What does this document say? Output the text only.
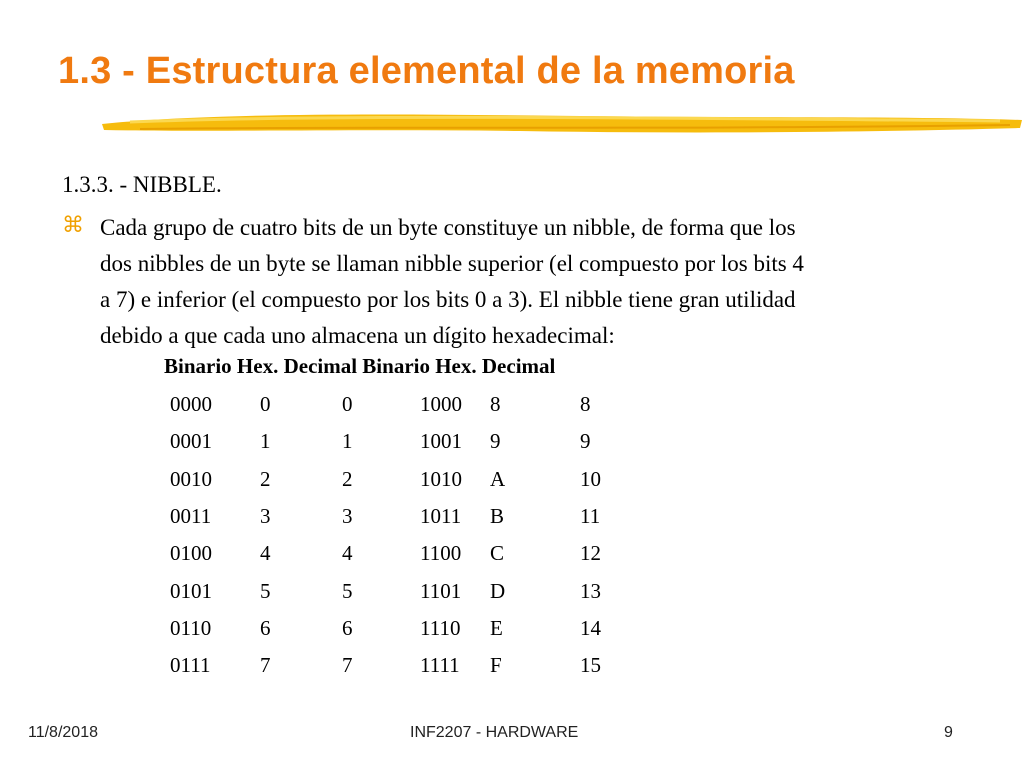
1.3 - Estructura elemental de la memoria
1.3.3. - NIBBLE.
⌘ Cada grupo de cuatro bits de un byte constituye un nibble, de forma que los
dos nibbles de un byte se llaman nibble superior (el compuesto por los bits 4
a 7) e inferior (el compuesto por los bits 0 a 3). El nibble tiene gran utilidad
debido a que cada uno almacena un dígito hexadecimal:

Binario Hex. Decimal Binario Hex. Decimal
0000 0	0	1000 8	8
0001 1	1	1001 9	9
0010 2	2	1010 A	10
0011 3	3	1011 B	11
0100 4	4	1100 C	12
0101 5	5	1101 D	13
0110 6	6	1110 E	14
0111 7	7	1111 F	15
11/8/2018	INF2207 - HARDWARE	9
